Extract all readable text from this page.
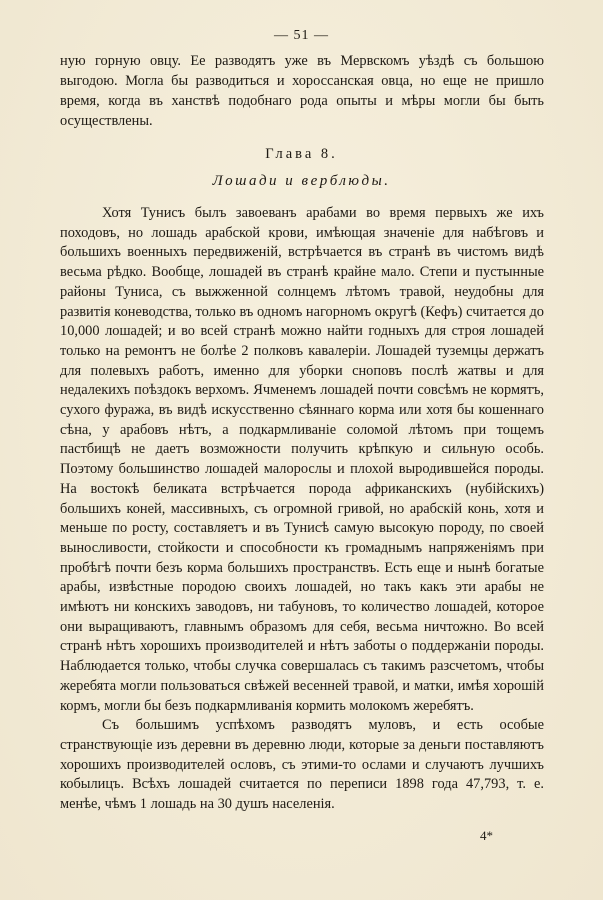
— 51 —

ную горную овцу. Ее разводятъ уже въ Мервскомъ уѣздѣ съ большою выгодою. Могла бы разводиться и хоросcанская овца, но еще не пришло время, когда въ ханствѣ подобнаго рода опыты и мѣры могли бы быть осуществлены.

Глава 8.
Лошади и верблюды.

Хотя Тунисъ былъ завоеванъ арабами во время первыхъ же ихъ походовъ, но лошадь арабской крови, имѣющая значеніе для набѣговъ и большихъ военныхъ передвиженій, встрѣчается въ странѣ въ чистомъ видѣ весьма рѣдко. Вообще, лошадей въ странѣ крайне мало. Степи и пустынные районы Туниса, съ выжженной солнцемъ лѣтомъ травой, неудобны для развитія коневодства, только въ одномъ нагорномъ округѣ (Кефъ) считается до 10,000 лошадей; и во всей странѣ можно найти годныхъ для строя лошадей только на ремонтъ не болѣе 2 полковъ кавалеріи. Лошадей туземцы держатъ для полевыхъ работъ, именно для уборки сноповъ послѣ жатвы и для недалекихъ поѣздокъ верхомъ. Ячменемъ лошадей почти совсѣмъ не кормятъ, сухого фуража, въ видѣ искусственно сѣяннаго корма или хотя бы кошеннаго сѣна, у арабовъ нѣтъ, а подкармливаніе соломой лѣтомъ при тощемъ пастбищѣ не даетъ возможности получить крѣпкую и сильную особь. Поэтому большинство лошадей малорослы и плохой выродившейся породы. На востокѣ беликата встрѣчается порода африканскихъ (нубійскихъ) большихъ коней, массивныхъ, съ огромной гривой, но арабскій конь, хотя и меньше по росту, составляетъ и въ Тунисѣ самую высокую породу, по своей выносливости, стойкости и способности къ громаднымъ напряженіямъ при пробѣгѣ почти безъ корма большихъ пространствъ. Есть еще и нынѣ богатые арабы, извѣстные породою своихъ лошадей, но такъ какъ эти арабы не имѣютъ ни конскихъ заводовъ, ни табуновъ, то количество лошадей, которое они выращиваютъ, главнымъ образомъ для себя, весьма ничтожно. Во всей странѣ нѣтъ хорошихъ производителей и нѣтъ заботы о поддержаніи породы. Наблюдается только, чтобы случка совершалась съ такимъ разсчетомъ, чтобы жеребята могли пользоваться свѣжей весенней травой, и матки, имѣя хорошій кормъ, могли бы безъ подкармливанія кормить молокомъ жеребятъ.

Съ большимъ успѣхомъ разводятъ муловъ, и есть особые странствующіе изъ деревни въ деревню люди, которые за деньги поставляютъ хорошихъ производителей ословъ, съ этими-то ослами и случаютъ лучшихъ кобылицъ. Всѣхъ лошадей считается по переписи 1898 года 47,793, т. е. менѣе, чѣмъ 1 лошадь на 30 душъ населенія.

4*
